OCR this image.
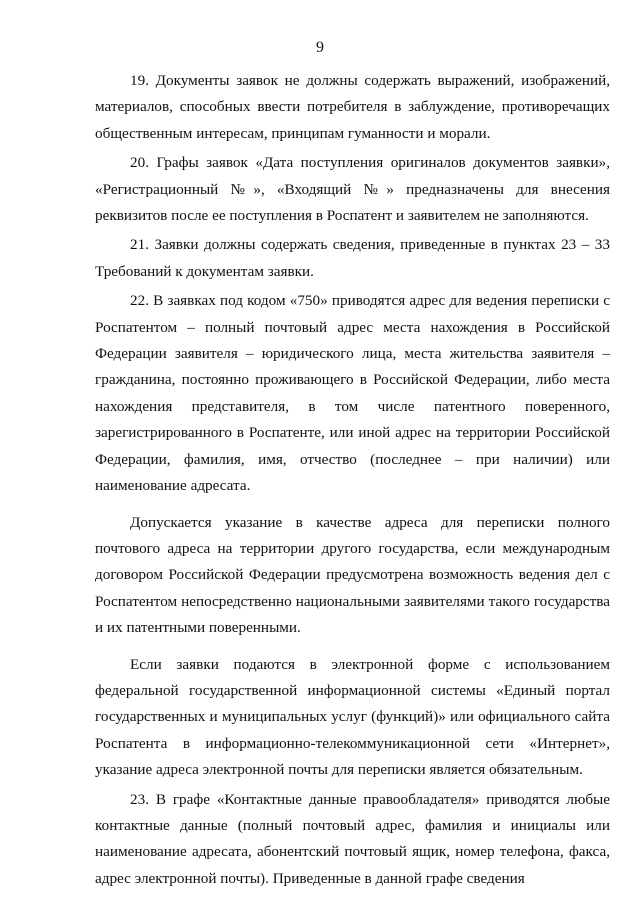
9

19. Документы заявок не должны содержать выражений, изображений, материалов, способных ввести потребителя в заблуждение, противоречащих общественным интересам, принципам гуманности и морали.

20. Графы заявок «Дата поступления оригиналов документов заявки», «Регистрационный №», «Входящий №» предназначены для внесения реквизитов после ее поступления в Роспатент и заявителем не заполняются.

21. Заявки должны содержать сведения, приведенные в пунктах 23 – 33 Требований к документам заявки.

22. В заявках под кодом «750» приводятся адрес для ведения переписки с Роспатентом – полный почтовый адрес места нахождения в Российской Федерации заявителя – юридического лица, места жительства заявителя – гражданина, постоянно проживающего в Российской Федерации, либо места нахождения представителя, в том числе патентного поверенного, зарегистрированного в Роспатенте, или иной адрес на территории Российской Федерации, фамилия, имя, отчество (последнее – при наличии) или наименование адресата.

Допускается указание в качестве адреса для переписки полного почтового адреса на территории другого государства, если международным договором Российской Федерации предусмотрена возможность ведения дел с Роспатентом непосредственно национальными заявителями такого государства и их патентными поверенными.

Если заявки подаются в электронной форме с использованием федеральной государственной информационной системы «Единый портал государственных и муниципальных услуг (функций)» или официального сайта Роспатента в информационно-телекоммуникационной сети «Интернет», указание адреса электронной почты для переписки является обязательным.

23. В графе «Контактные данные правообладателя» приводятся любые контактные данные (полный почтовый адрес, фамилия и инициалы или наименование адресата, абонентский почтовый ящик, номер телефона, факса, адрес электронной почты). Приведенные в данной графе сведения
